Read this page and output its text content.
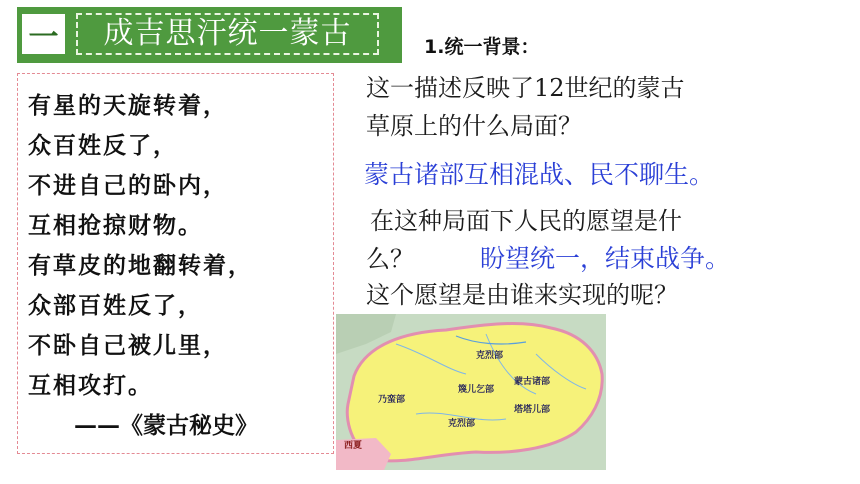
一	成吉思汗统一蒙古
有星的天旋转着，
众百姓反了，
不进自己的卧内，
互相抢掠财物。
有草皮的地翻转着，
众部百姓反了，
不卧自己被儿里，
互相攻打。
——《蒙古秘史》
1.统一背景：
这一描述反映了12世纪的蒙古
草原上的什么局面？
蒙古诸部互相混战、民不聊生。
在这种局面下人民的愿望是什
么？	盼望统一，结束战争。
这个愿望是由谁来实现的呢？
克烈部
蒙古诸部
乃蛮部
篾儿乞部
塔塔儿部
克烈部
西夏
